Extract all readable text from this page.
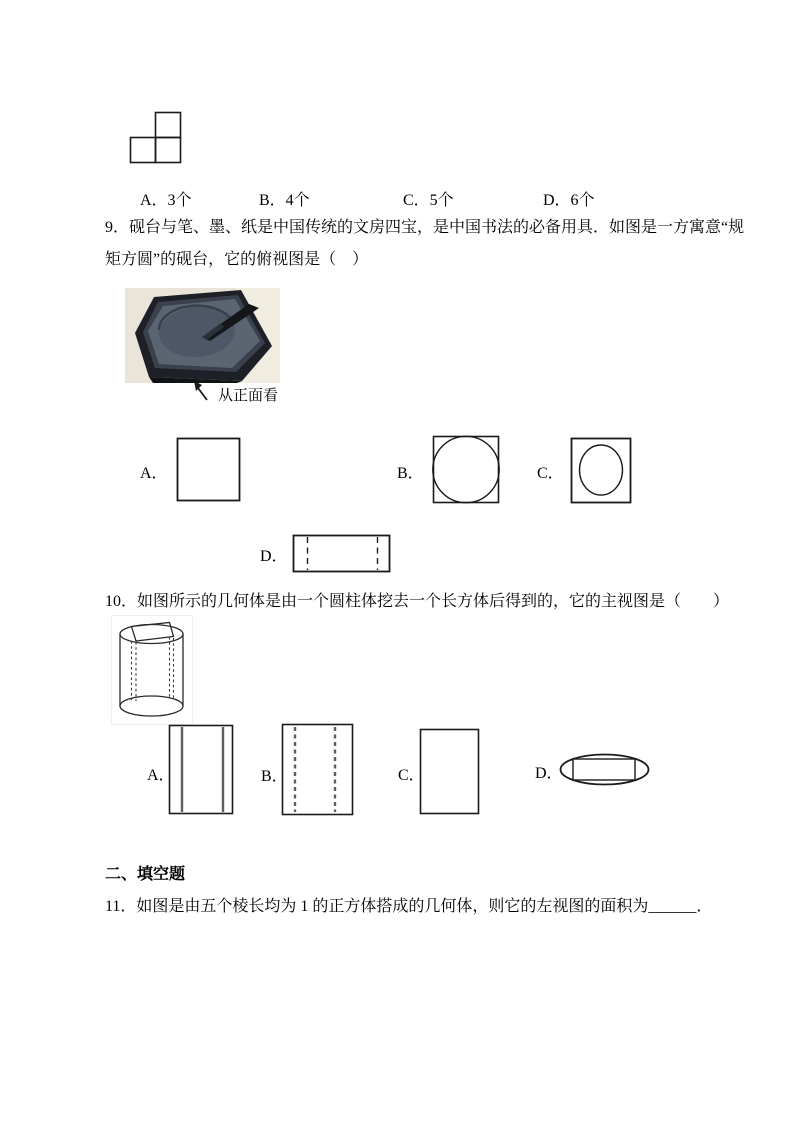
A．3个	B．4个	C．5个	D．6个
9．砚台与笔、墨、纸是中国传统的文房四宝，是中国书法的必备用具．如图是一方寓意“规
矩方圆”的砚台，它的俯视图是（　）
从正面看
A．	B．	C．
D．
10．如图所示的几何体是由一个圆柱体挖去一个长方体后得到的，它的主视图是（　　）
A．	B．	C．	D．
二、填空题
11．如图是由五个棱长均为 1 的正方体搭成的几何体，则它的左视图的面积为______．
